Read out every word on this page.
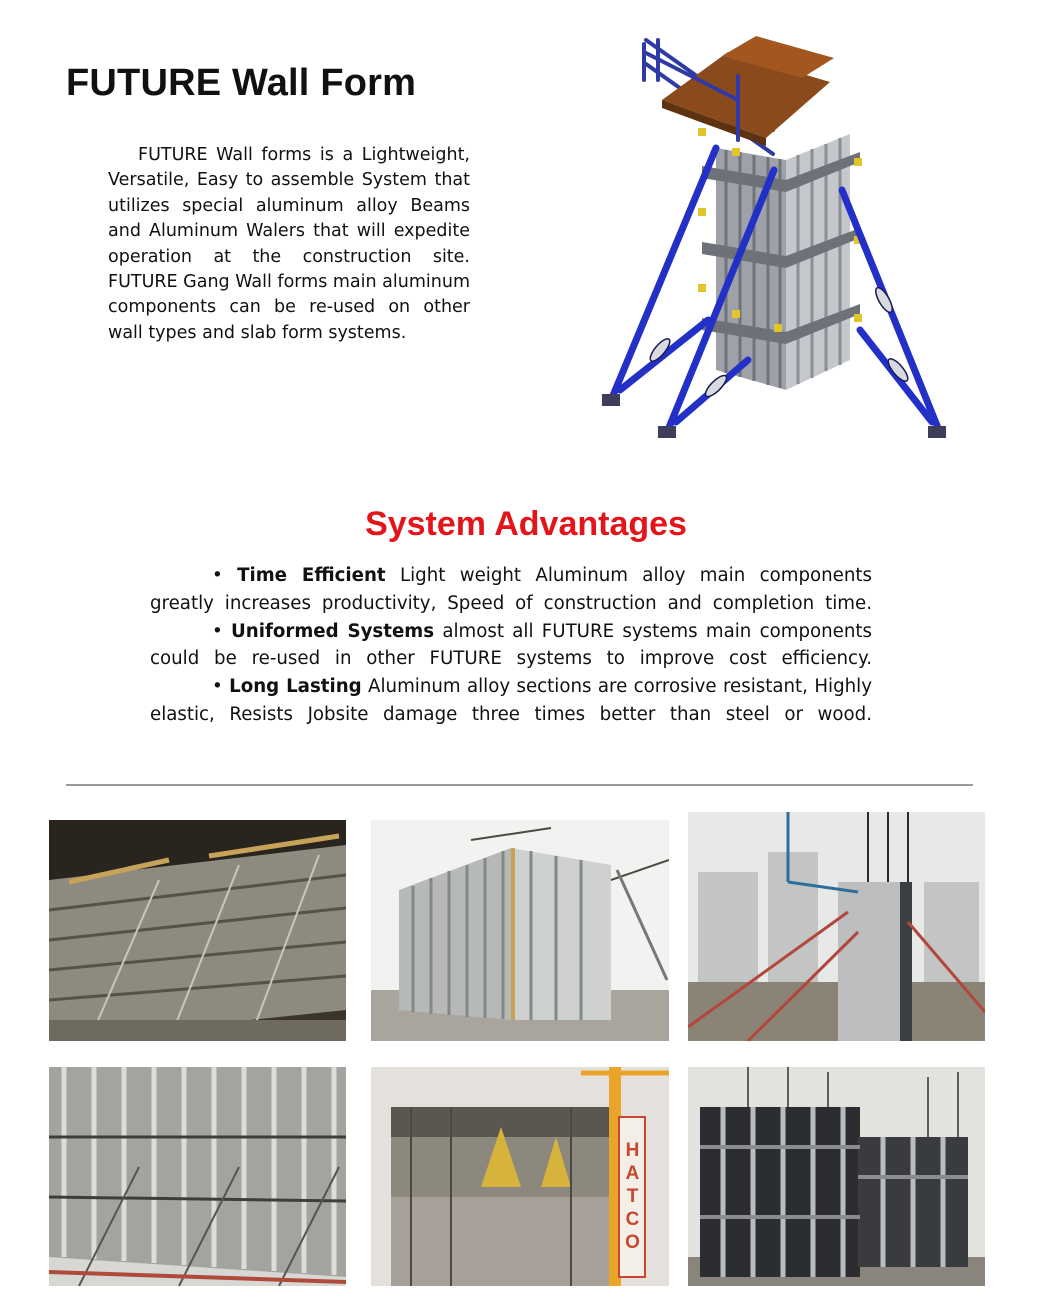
FUTURE Wall Form

FUTURE Wall forms is a Lightweight, Versatile, Easy to assemble System that utilizes special aluminum alloy Beams and Aluminum Walers that will expedite operation at the construction site. FUTURE Gang Wall forms main aluminum components can be re-used on other wall types and slab form systems.

System Advantages
• Time Efficient Light weight Aluminum alloy main components greatly increases productivity, Speed of construction and completion time.
• Uniformed Systems almost all FUTURE systems main components could be re-used in other FUTURE systems to improve cost efficiency.
• Long Lasting Aluminum alloy sections are corrosive resistant, Highly elastic, Resists Jobsite damage three times better than steel or wood.
HATCO
